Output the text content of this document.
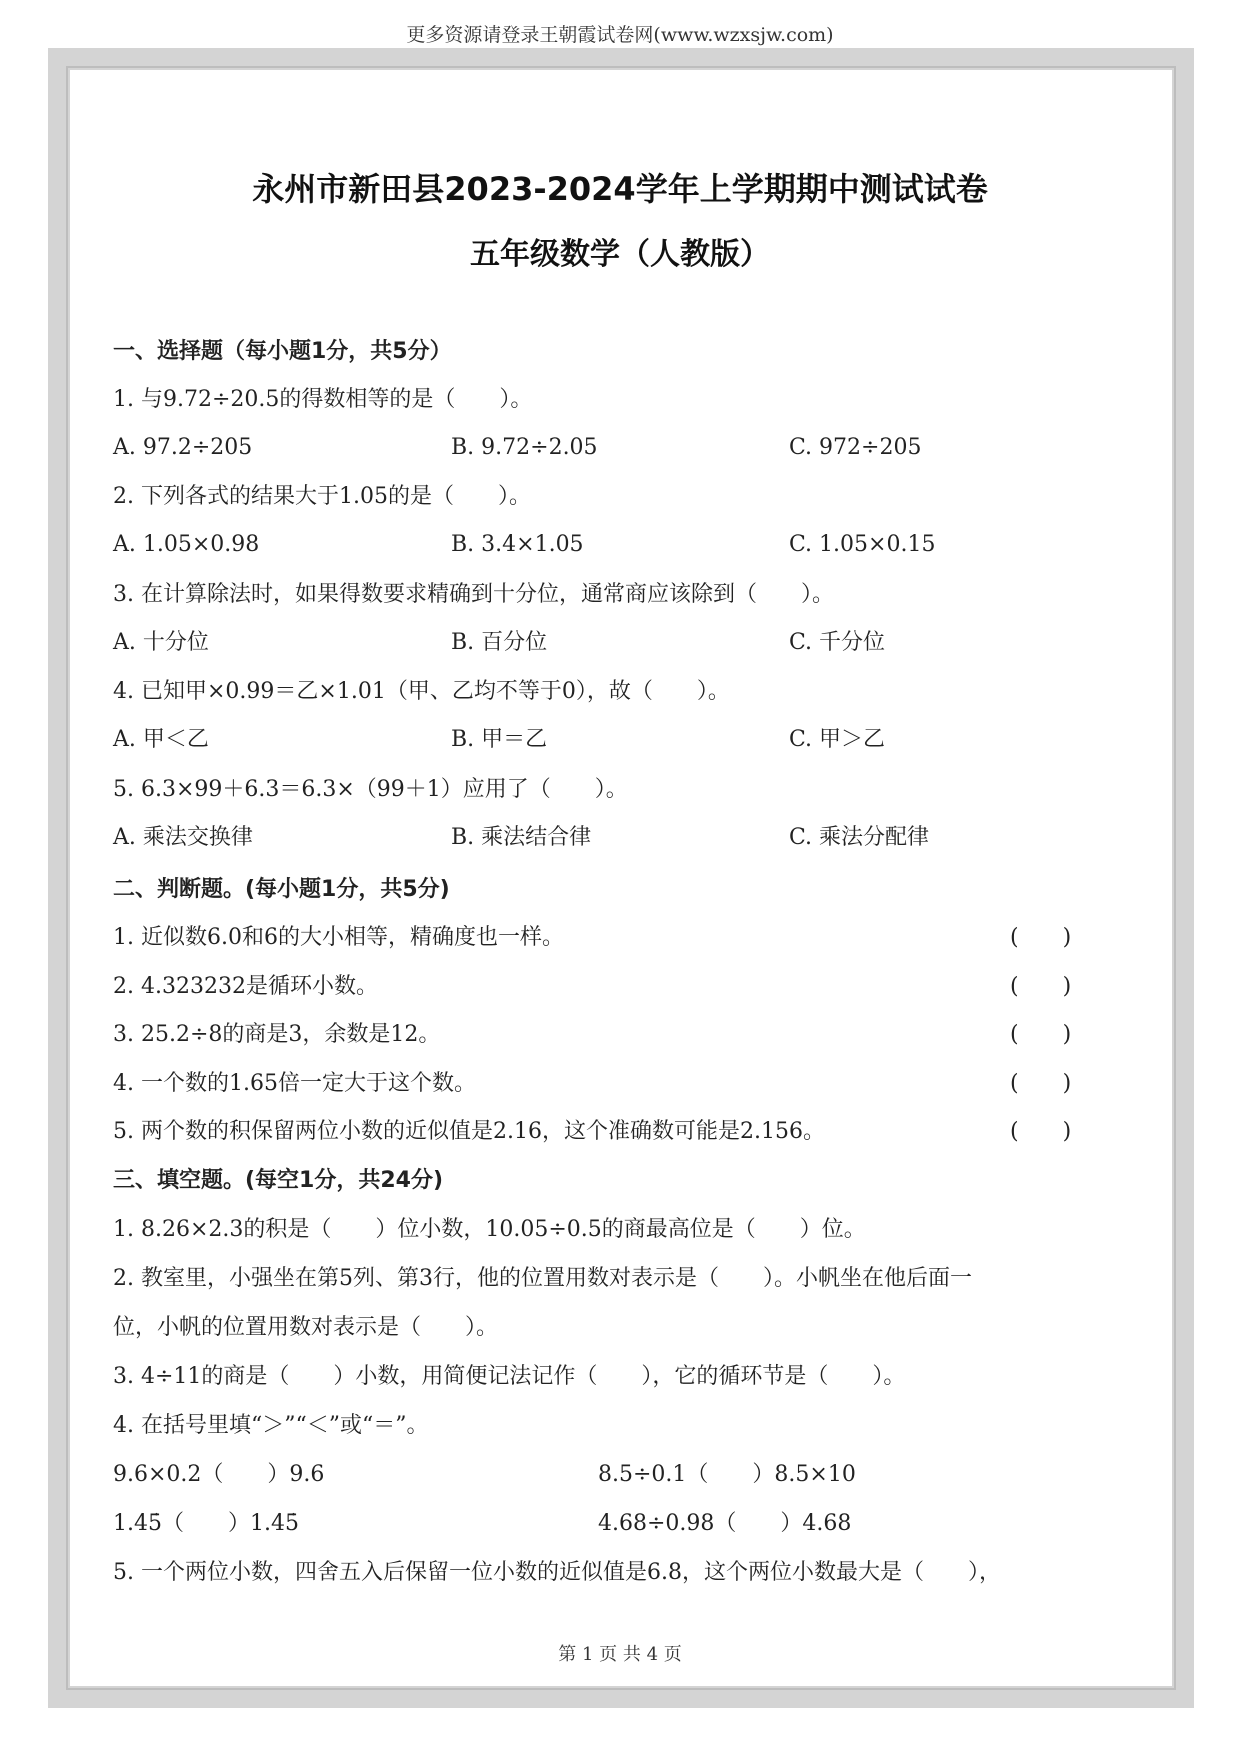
更多资源请登录王朝霞试卷网(www.wzxsjw.com)
永州市新田县2023-2024学年上学期期中测试试卷
五年级数学（人教版）
一、选择题（每小题1分，共5分）
1. 与9.72÷20.5的得数相等的是（　　）。
A. 97.2÷205	B. 9.72÷2.05	C. 972÷205
2. 下列各式的结果大于1.05的是（　　）。
A. 1.05×0.98	B. 3.4×1.05	C. 1.05×0.15
3. 在计算除法时，如果得数要求精确到十分位，通常商应该除到（　　）。
A. 十分位	B. 百分位	C. 千分位
4. 已知甲×0.99＝乙×1.01（甲、乙均不等于0），故（　　）。
A. 甲＜乙	B. 甲＝乙	C. 甲＞乙
5. 6.3×99＋6.3＝6.3×（99＋1）应用了（　　）。
A. 乘法交换律	B. 乘法结合律	C. 乘法分配律
二、判断题。(每小题1分，共5分)
1. 近似数6.0和6的大小相等，精确度也一样。	(　　)
2. 4.323232是循环小数。	(　　)
3. 25.2÷8的商是3，余数是12。	(　　)
4. 一个数的1.65倍一定大于这个数。	(　　)
5. 两个数的积保留两位小数的近似值是2.16，这个准确数可能是2.156。	(　　)
三、填空题。(每空1分，共24分)
1. 8.26×2.3的积是（　　）位小数，10.05÷0.5的商最高位是（　　）位。
2. 教室里，小强坐在第5列、第3行，他的位置用数对表示是（　　）。小帆坐在他后面一
位，小帆的位置用数对表示是（　　）。
3. 4÷11的商是（　　）小数，用简便记法记作（　　），它的循环节是（　　）。
4. 在括号里填“＞”“＜”或“＝”。
9.6×0.2（　　）9.6	8.5÷0.1（　　）8.5×10
1.45̇（　　）1.4̇5̇	4.68÷0.98（　　）4.68
5. 一个两位小数，四舍五入后保留一位小数的近似值是6.8，这个两位小数最大是（　　），
第 1 页 共 4 页
